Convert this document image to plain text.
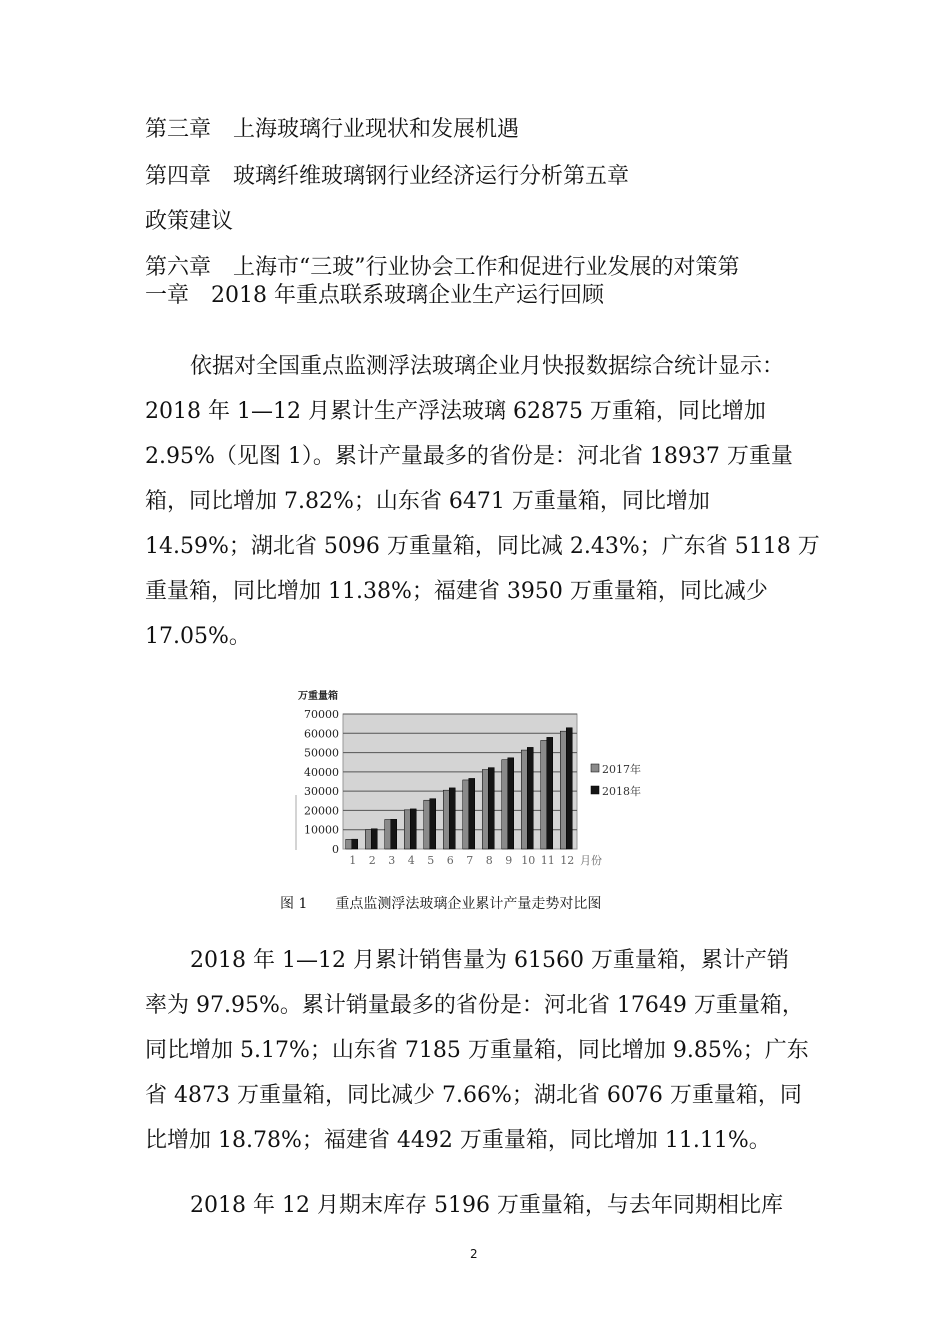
第三章　上海玻璃行业现状和发展机遇
第四章　玻璃纤维玻璃钢行业经济运行分析第五章
政策建议
第六章　上海市“三玻”行业协会工作和促进行业发展的对策第
一章　2018 年重点联系玻璃企业生产运行回顾
依据对全国重点监测浮法玻璃企业月快报数据综合统计显示：
2018 年 1—12 月累计生产浮法玻璃 62875 万重箱，同比增加
2.95%（见图 1）。累计产量最多的省份是：河北省 18937 万重量
箱，同比增加 7.82%；山东省 6471 万重量箱，同比增加
14.59%；湖北省 5096 万重量箱，同比减 2.43%；广东省 5118 万
重量箱，同比增加 11.38%；福建省 3950 万重量箱，同比减少
17.05%。
0
10000
20000
30000
40000
50000
60000
70000
万重量箱
1 2 3 4 5 6 7 8 9 10 11 12 月份
2017年
2018年
图 1　　重点监测浮法玻璃企业累计产量走势对比图
2018 年 1—12 月累计销售量为 61560 万重量箱，累计产销
率为 97.95%。累计销量最多的省份是：河北省 17649 万重量箱，
同比增加 5.17%；山东省 7185 万重量箱，同比增加 9.85%；广东
省 4873 万重量箱，同比减少 7.66%；湖北省 6076 万重量箱，同
比增加 18.78%；福建省 4492 万重量箱，同比增加 11.11%。
2018 年 12 月期末库存 5196 万重量箱，与去年同期相比库
2
